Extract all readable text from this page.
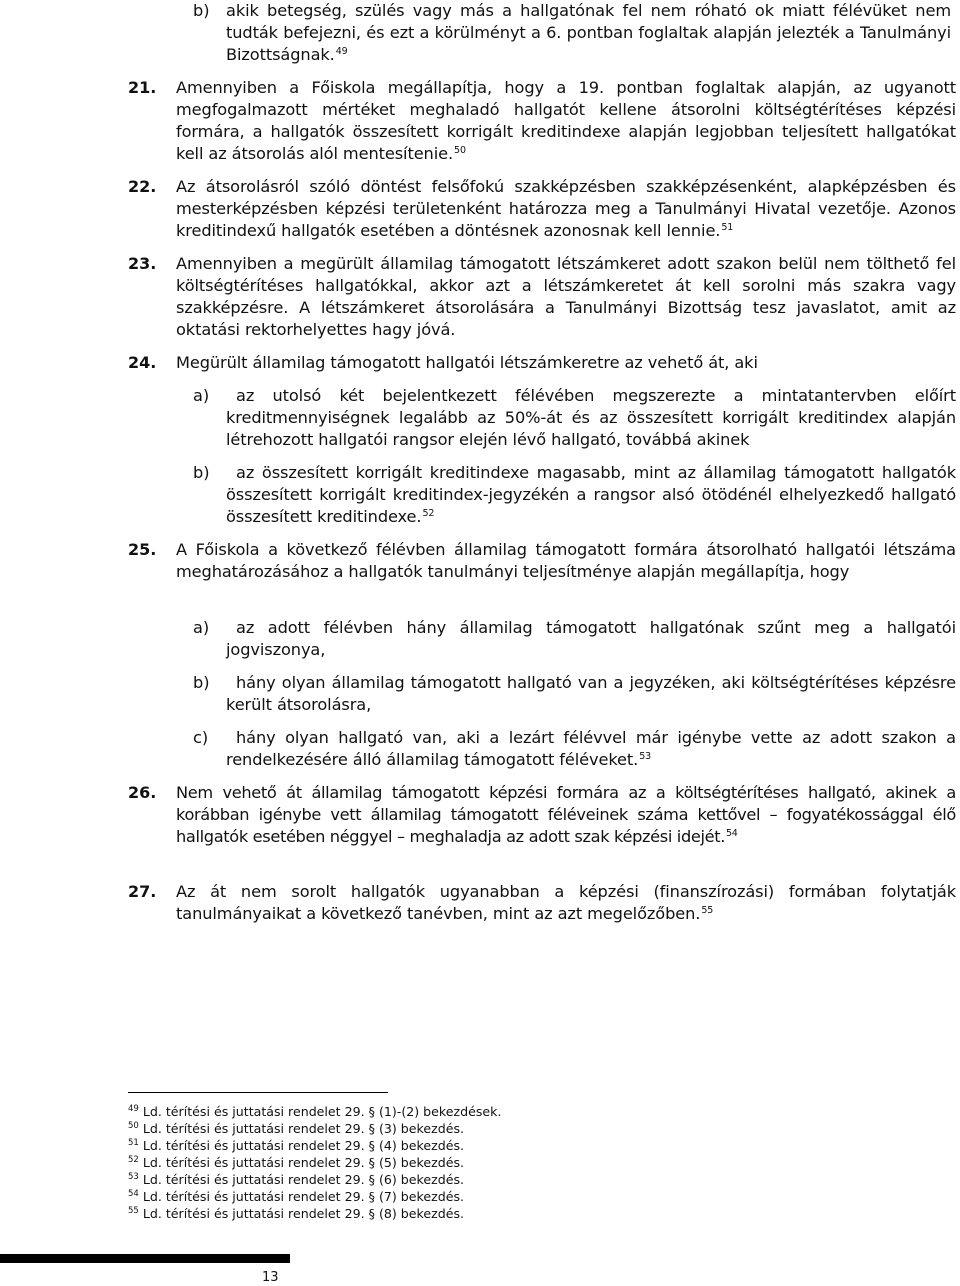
b) akik betegség, szülés vagy más a hallgatónak fel nem róható ok miatt félévüket nem tudták befejezni, és ezt a körülményt a 6. pontban foglaltak alapján jelezték a Tanulmányi Bizottságnak.$^{49}$
21. Amennyiben a Főiskola megállapítja, hogy a 19. pontban foglaltak alapján, az ugyanott megfogalmazott mértéket meghaladó hallgatót kellene átsorolni költségtérítéses képzési formára, a hallgatók összesített korrigált kreditindexe alapján legjobban teljesített hallgatókat kell az átsorolás alól mentesítenie.$^{50}$
22. Az átsorolásról szóló döntést felsőfokú szakképzésben szakképzésenként, alapképzésben és mesterképzésben képzési területenként határozza meg a Tanulmányi Hivatal vezetője. Azonos kreditindexű hallgatók esetében a döntésnek azonosnak kell lennie.$^{51}$
23. Amennyiben a megürült államilag támogatott létszámkeret adott szakon belül nem tölthető fel költségtérítéses hallgatókkal, akkor azt a létszámkeretet át kell sorolni más szakra vagy szakképzésre. A létszámkeret átsorolására a Tanulmányi Bizottság tesz javaslatot, amit az oktatási rektorhelyettes hagy jóvá.
24. Megürült államilag támogatott hallgatói létszámkeretre az vehető át, aki
a)	az utolsó két bejelentkezett félévében megszerezte a mintatantervben előírt kreditmennyiségnek legalább az 50%-át és az összesített korrigált kreditindex alapján létrehozott hallgatói rangsor elején lévő hallgató, továbbá akinek
b)	az összesített korrigált kreditindexe magasabb, mint az államilag támogatott hallgatók összesített korrigált kreditindex-jegyzékén a rangsor alsó ötödénél elhelyezkedő hallgató összesített kreditindexe.$^{52}$
25. A Főiskola a következő félévben államilag támogatott formára átsorolható hallgatói létszáma meghatározásához a hallgatók tanulmányi teljesítménye alapján megállapítja, hogy
a)	az adott félévben hány államilag támogatott hallgatónak szűnt meg a hallgatói jogviszonya,
b)	hány olyan államilag támogatott hallgató van a jegyzéken, aki költségtérítéses képzésre került átsorolásra,
c)	hány olyan hallgató van, aki a lezárt félévvel már igénybe vette az adott szakon a rendelkezésére álló államilag támogatott féléveket.$^{53}$
26. Nem vehető át államilag támogatott képzési formára az a költségtérítéses hallgató, akinek a korábban igénybe vett államilag támogatott féléveinek száma kettővel – fogyatékossággal élő hallgatók esetében néggyel – meghaladja az adott szak képzési idejét.$^{54}$
27. Az át nem sorolt hallgatók ugyanabban a képzési (finanszírozási) formában folytatják tanulmányaikat a következő tanévben, mint az azt megelőzőben.$^{55}$
$^{49}$ Ld. térítési és juttatási rendelet 29. § (1)-(2) bekezdések.
$^{50}$ Ld. térítési és juttatási rendelet 29. § (3) bekezdés.
$^{51}$ Ld. térítési és juttatási rendelet 29. § (4) bekezdés.
$^{52}$ Ld. térítési és juttatási rendelet 29. § (5) bekezdés.
$^{53}$ Ld. térítési és juttatási rendelet 29. § (6) bekezdés.
$^{54}$ Ld. térítési és juttatási rendelet 29. § (7) bekezdés.
$^{55}$ Ld. térítési és juttatási rendelet 29. § (8) bekezdés.
13
